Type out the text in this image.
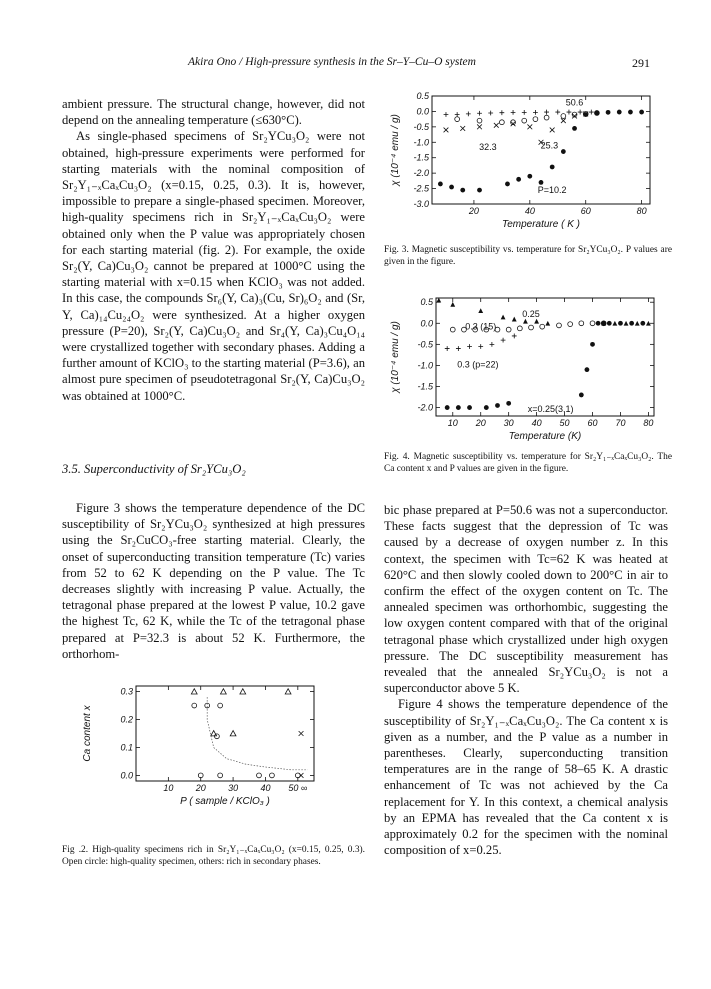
Akira Ono / High-pressure synthesis in the Sr–Y–Cu–O system	291

ambient pressure. The structural change, however, did not depend on the annealing temperature (≤630°C).

As single-phased specimens of Sr₂YCu₃O₂ were not obtained, high-pressure experiments were performed for starting materials with the nominal composition of Sr₂Y₁₋ₓCaₓCu₃O₂ (x=0.15, 0.25, 0.3). It is, however, impossible to prepare a single-phased specimen. Moreover, high-quality specimens rich in Sr₂Y₁₋ₓCaₓCu₃O₂ were obtained only when the P value was appropriately chosen for each starting material (fig. 2). For example, the oxide Sr₂(Y, Ca)Cu₃O₂ cannot be prepared at 1000°C using the starting material with x=0.15 when KClO₃ was not added. In this case, the compounds Sr₆(Y, Ca)₃(Cu, Sr)₆O₂ and (Sr, Y, Ca)₁₄Cu₂₄O₂ were synthesized. At a higher oxygen pressure (P=20), Sr₂(Y, Ca)Cu₃O₂ and Sr₄(Y, Ca)₃Cu₄O₁₄ were crystallized together with secondary phases. Adding a further amount of KClO₃ to the starting material (P=3.6), an almost pure specimen of pseudotetragonal Sr₂(Y, Ca)Cu₃O₂ was obtained at 1000°C.

3.5. Superconductivity of Sr₂YCu₃O₂

Figure 3 shows the temperature dependence of the DC susceptibility of Sr₂YCu₃O₂ synthesized at high pressures using the Sr₂CuCO₃-free starting material. Clearly, the onset of superconducting transition temperature (Tc) varies from 52 to 62 K depending on the P value. The Tc decreases slightly with increasing P value. Actually, the tetragonal phase prepared at the lowest P value, 10.2 gave the highest Tc, 62 K, while the Tc of the tetragonal phase prepared at P=32.3 is about 52 K. Furthermore, the orthorhom-

bic phase prepared at P=50.6 was not a superconductor. These facts suggest that the depression of Tc was caused by a decrease of oxygen number z. In this context, the specimen with Tc=62 K was heated at 620°C and then slowly cooled down to 200°C in air to confirm the effect of the oxygen content on Tc. The annealed specimen was orthorhombic, suggesting the low oxygen content compared with that of the original tetragonal phase which crystallized under high oxygen pressure. The DC susceptibility measurement has revealed that the annealed Sr₂YCu₃O₂ is not a superconductor above 5 K.

Figure 4 shows the temperature dependence of the susceptibility of Sr₂Y₁₋ₓCaₓCu₃O₂. The Ca content x is given as a number, and the P value as a number in parentheses. Clearly, superconducting transition temperatures are in the range of 58–65 K. A drastic enhancement of Tc was not achieved by the Ca replacement for Y. In this context, a chemical analysis by an EPMA has revealed that the Ca content x is approximately 0.2 for the specimen with the nominal composition of x=0.25.

20	40	60	80
0.5
0.0
-0.5
-1.0
-1.5
-2.0
-2.5
-3.0
Temperature ( K )
χ (10⁻⁴ emu / g)
50.6
32.3	25.3
P=10.2
Fig. 3. Magnetic susceptibility vs. temperature for Sr₂YCu₃O₂. P values are given in the figure.
10 20 30 40 50 60 70 80
0.5
0.0
-0.5
-1.0
-1.5
-2.0
Temperature (K)
χ (10⁻⁴ emu / g)
0.25
0.3 (15)
0.3 (p=22)
x=0.25(3.1)
Fig. 4. Magnetic susceptibility vs. temperature for Sr₂Y₁₋ₓCaₓCu₃O₂. The Ca content x and P values are given in the figure.
10 20 30 40 50 ∞
0.3
0.2
0.1
0.0
P ( sample / KClO₃ )
Ca content x
Fig .2. High-quality specimens rich in Sr₂Y₁₋ₓCaₓCu₃O₂ (x=0.15, 0.25, 0.3). Open circle: high-quality specimen, others: rich in secondary phases.
